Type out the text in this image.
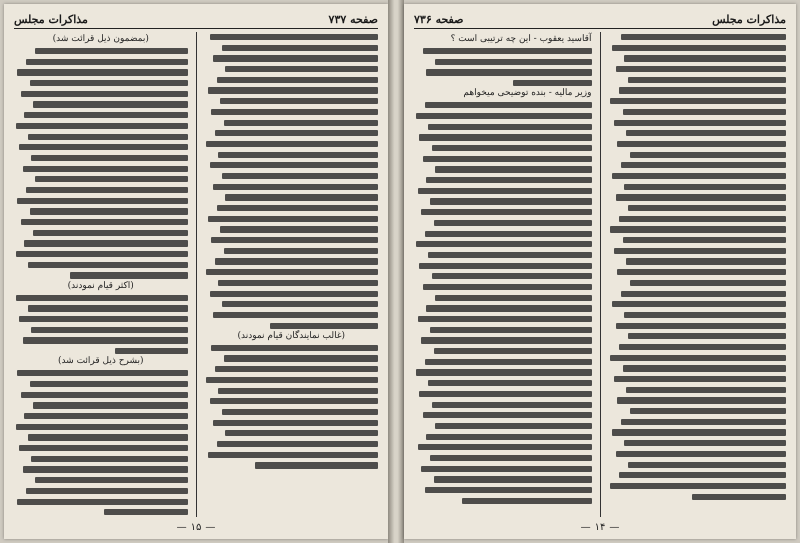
صفحه ۷۳۷
مذاکرات مجلس
(بمضمون ذیل قرائت شد)
(اکثر قیام نمودند)
(بشرح ذیل قرائت شد)
(غالب نمایندگان قیام نمودند)
—۱۵—
مذاکرات مجلس
صفحه ۷۳۶
آقاسید یعقوب - این چه ترتیبی است ؟
وزیر مالیه - بنده توضیحی میخواهم
—۱۴—
